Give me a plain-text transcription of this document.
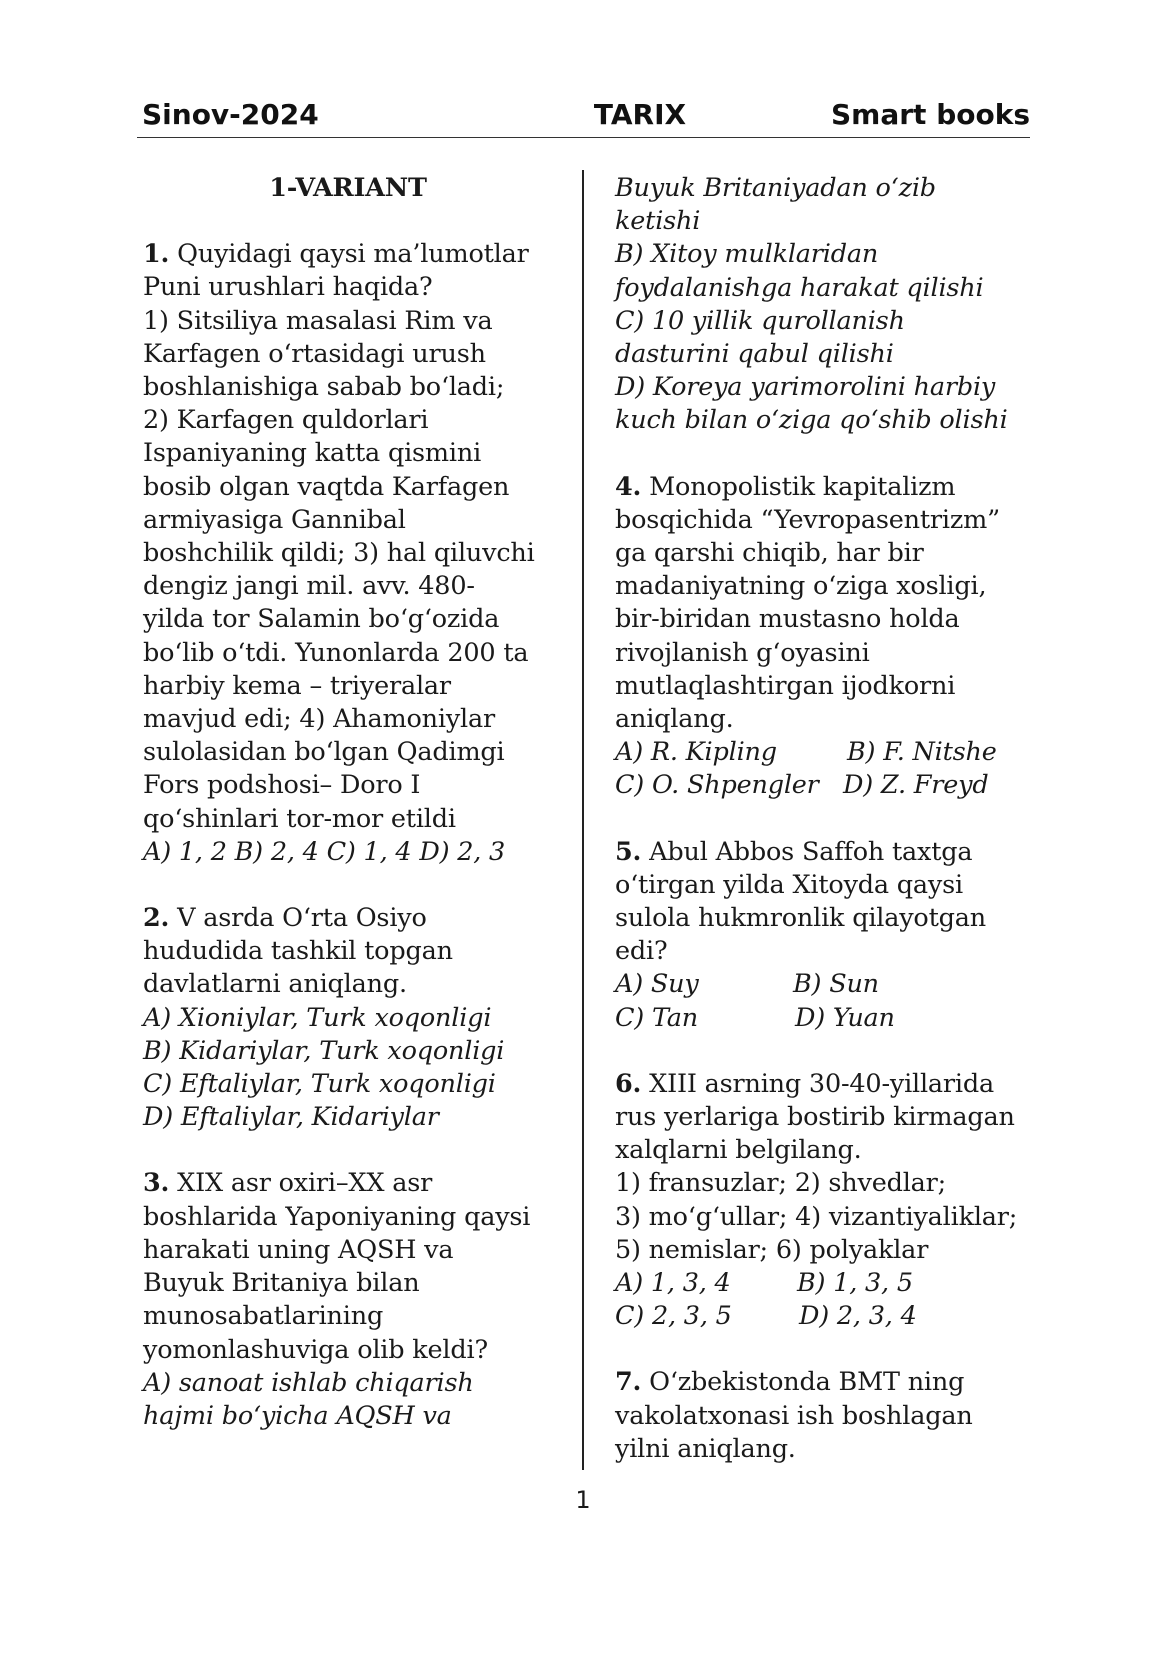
Sinov-2024	TARIX	Smart books
1-VARIANT
1. Quyidagi qaysi ma’lumotlar
Puni urushlari haqida?
1) Sitsiliya masalasi Rim va
Karfagen o‘rtasidagi urush
boshlanishiga sabab bo‘ladi;
2) Karfagen quldorlari
Ispaniyaning katta qismini
bosib olgan vaqtda Karfagen
armiyasiga Gannibal
boshchilik qildi; 3) hal qiluvchi
dengiz jangi mil. avv. 480-
yilda tor Salamin bo‘g‘ozida
bo‘lib o‘tdi. Yunonlarda 200 ta
harbiy kema – triyeralar
mavjud edi; 4) Ahamoniylar
sulolasidan bo‘lgan Qadimgi
Fors podshosi– Doro I
qo‘shinlari tor-mor etildi
A) 1, 2 B) 2, 4 C) 1, 4 D) 2, 3
2. V asrda O‘rta Osiyo
hududida tashkil topgan
davlatlarni aniqlang.
A) Xioniylar, Turk xoqonligi
B) Kidariylar, Turk xoqonligi
C) Eftaliylar, Turk xoqonligi
D) Eftaliylar, Kidariylar
3. XIX asr oxiri–XX asr
boshlarida Yaponiyaning qaysi
harakati uning AQSH va
Buyuk Britaniya bilan
munosabatlarining
yomonlashuviga olib keldi?
A) sanoat ishlab chiqarish
hajmi bo‘yicha AQSH va
Buyuk Britaniyadan o‘zib
ketishi
B) Xitoy mulklaridan
foydalanishga harakat qilishi
C) 10 yillik qurollanish
dasturini qabul qilishi
D) Koreya yarimorolini harbiy
kuch bilan o‘ziga qo‘shib olishi
4. Monopolistik kapitalizm
bosqichida “Yevropasentrizm”
ga qarshi chiqib, har bir
madaniyatning o‘ziga xosligi,
bir-biridan mustasno holda
rivojlanish g‘oyasini
mutlaqlashtirgan ijodkorni
aniqlang.
A) R. Kipling	B) F. Nitshe
C) O. Shpengler D) Z. Freyd
5. Abul Abbos Saffoh taxtga
o‘tirgan yilda Xitoyda qaysi
sulola hukmronlik qilayotgan
edi?
A) Suy	B) Sun
C) Tan	D) Yuan
6. XIII asrning 30-40-yillarida
rus yerlariga bostirib kirmagan
xalqlarni belgilang.
1) fransuzlar; 2) shvedlar;
3) mo‘g‘ullar; 4) vizantiyaliklar;
5) nemislar; 6) polyaklar
A) 1, 3, 4	B) 1, 3, 5
C) 2, 3, 5	D) 2, 3, 4
7. O‘zbekistonda BMT ning
vakolatxonasi ish boshlagan
yilni aniqlang.
1
